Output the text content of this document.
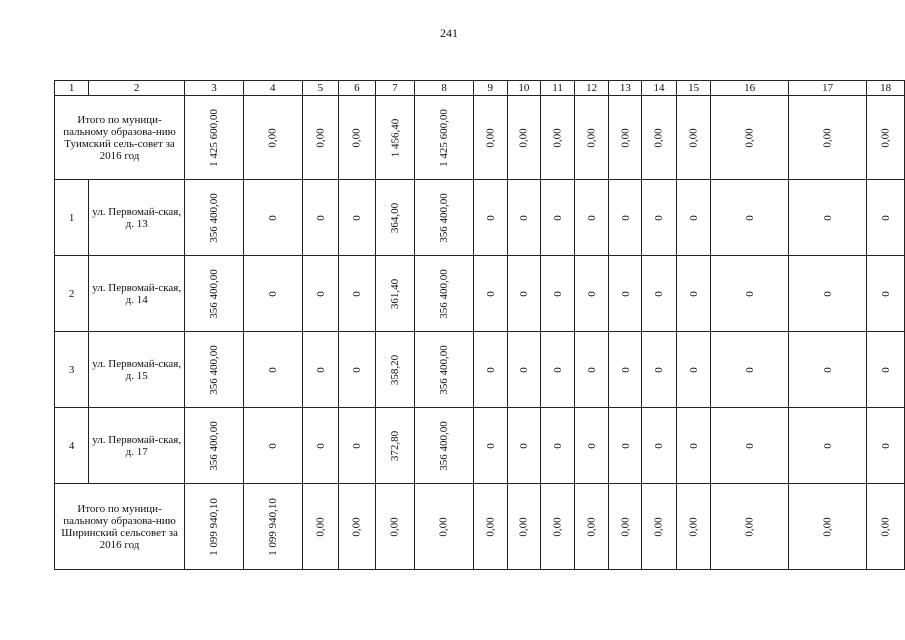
241
1	2	3	4	5	6	7	8	9	10	11	12	13	14	15	16	17	18
Итого по муници-пальному образова-нию Туимский сель-совет за 2016 год		1 425 600,00	0,00	0,00	0,00	1 456,40	1 425 600,00	0,00	0,00	0,00	0,00	0,00	0,00	0,00	0,00	0,00	0,00
1	ул. Первомай-ская, д. 13	356 400,00	0	0	0	364,00	356 400,00	0	0	0	0	0	0	0	0	0	0
2	ул. Первомай-ская, д. 14	356 400,00	0	0	0	361,40	356 400,00	0	0	0	0	0	0	0	0	0	0
3	ул. Первомай-ская, д. 15	356 400,00	0	0	0	358,20	356 400,00	0	0	0	0	0	0	0	0	0	0
4	ул. Первомай-ская, д. 17	356 400,00	0	0	0	372,80	356 400,00	0	0	0	0	0	0	0	0	0	0
Итого по муници-пальному образова-нию Ширинский сельсовет за 2016 год		1 099 940,10	1 099 940,10	0,00	0,00	0,00	0,00	0,00	0,00	0,00	0,00	0,00	0,00	0,00	0,00	0,00	0,00
